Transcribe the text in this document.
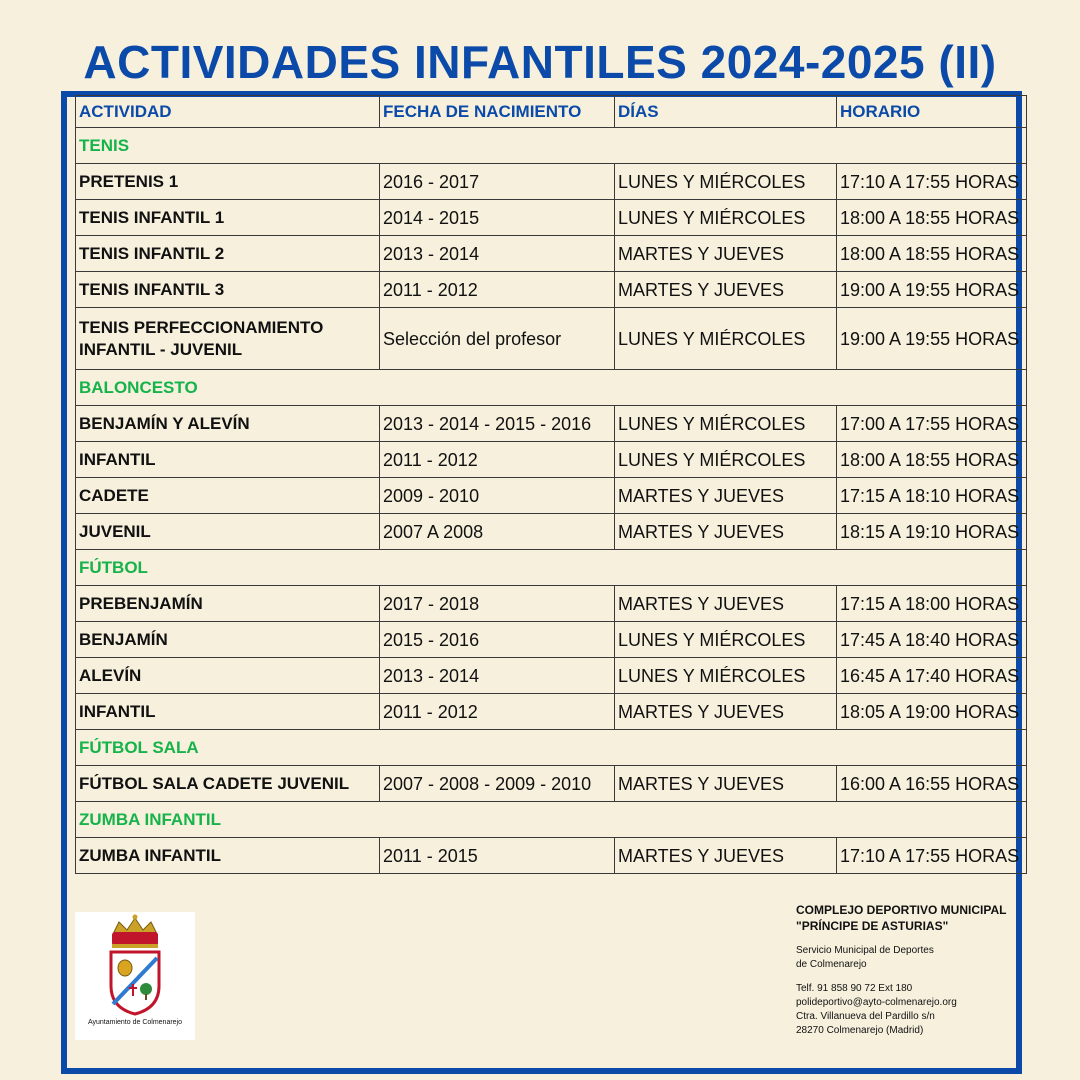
ACTIVIDADES INFANTILES 2024-2025 (II)
ACTIVIDAD	FECHA DE NACIMIENTO	DÍAS	HORARIO
TENIS			
PRETENIS 1	2016 - 2017	LUNES Y MIÉRCOLES	17:10 A 17:55 HORAS
TENIS INFANTIL 1	2014 - 2015	LUNES Y MIÉRCOLES	18:00 A 18:55 HORAS
TENIS INFANTIL 2	2013 - 2014	MARTES Y JUEVES	18:00 A 18:55 HORAS
TENIS INFANTIL 3	2011 - 2012	MARTES Y JUEVES	19:00 A 19:55 HORAS

TENIS PERFECCIONAMIENTO
INFANTIL - JUVENIL	Selección del profesor	LUNES Y MIÉRCOLES	19:00 A 19:55 HORAS
BALONCESTO			
BENJAMÍN Y ALEVÍN	2013 - 2014 - 2015 - 2016	LUNES Y MIÉRCOLES	17:00 A 17:55 HORAS
INFANTIL	2011 - 2012	LUNES Y MIÉRCOLES	18:00 A 18:55 HORAS
CADETE	2009 - 2010	MARTES Y JUEVES	17:15 A 18:10 HORAS
JUVENIL	2007 A 2008	MARTES Y JUEVES	18:15 A 19:10 HORAS
FÚTBOL			
PREBENJAMÍN	2017 - 2018	MARTES Y JUEVES	17:15 A 18:00 HORAS
BENJAMÍN	2015 - 2016	LUNES Y MIÉRCOLES	17:45 A 18:40 HORAS
ALEVÍN	2013 - 2014	LUNES Y MIÉRCOLES	16:45 A 17:40 HORAS
INFANTIL	2011 - 2012	MARTES Y JUEVES	18:05 A 19:00 HORAS
FÚTBOL SALA			
FÚTBOL SALA CADETE JUVENIL	2007 - 2008 - 2009 - 2010	MARTES Y JUEVES	16:00 A 16:55 HORAS
ZUMBA INFANTIL			
ZUMBA INFANTIL	2011 - 2015	MARTES Y JUEVES	17:10 A 17:55 HORAS
Ayuntamiento de Colmenarejo
COMPLEJO DEPORTIVO MUNICIPAL
"PRÍNCIPE DE ASTURIAS"
Servicio Municipal de Deportes
de Colmenarejo
Telf. 91 858 90 72 Ext 180
polideportivo@ayto-colmenarejo.org
Ctra. Villanueva del Pardillo s/n
28270 Colmenarejo (Madrid)
